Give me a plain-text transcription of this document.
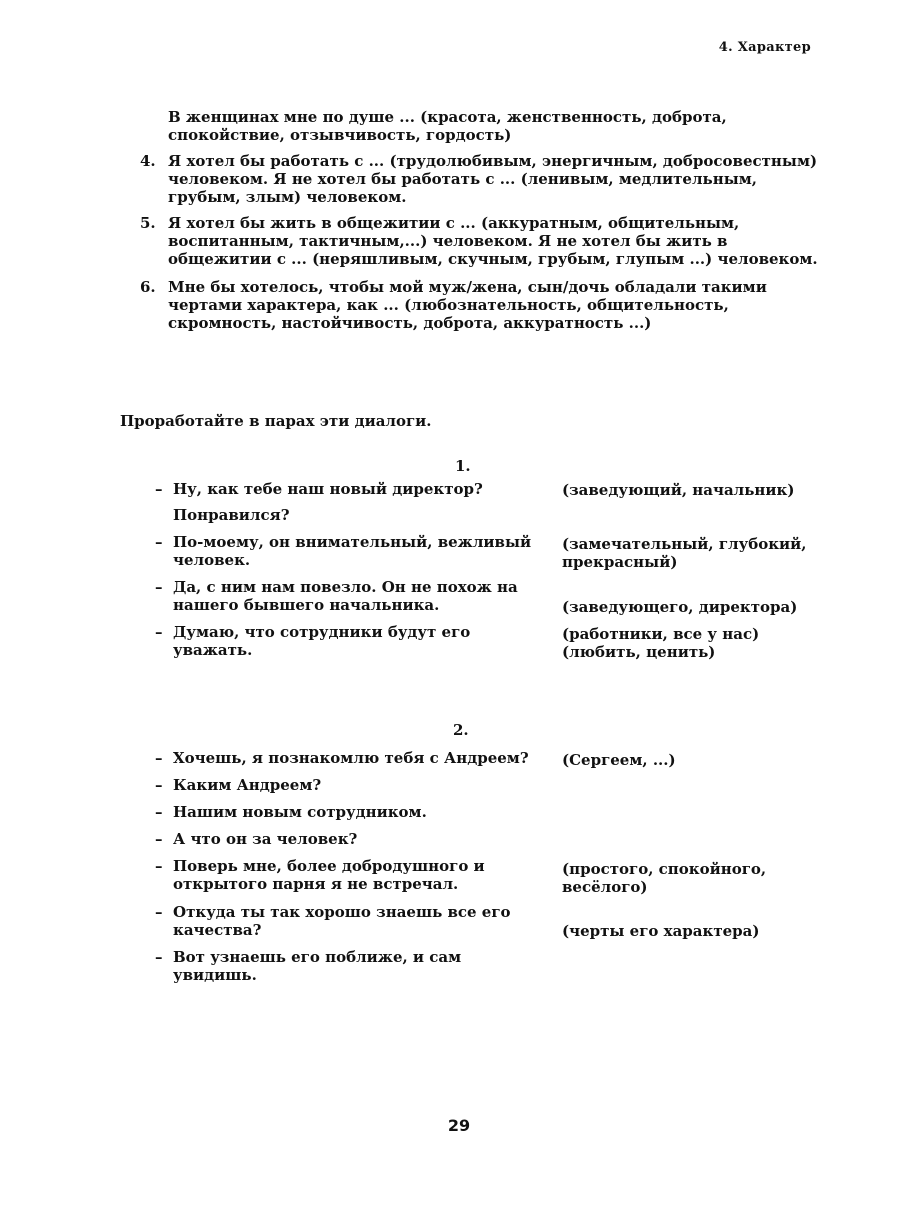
4. Характер
В женщинах мне по душе ... (красота, женственность, доброта, спокойствие, отзывчивость, гордость)
4. Я хотел бы работать с ... (трудолюбивым, энергичным, добросовестным) человеком. Я не хотел бы работать с ... (ленивым, медлительным, грубым, злым) человеком.
5. Я хотел бы жить в общежитии с ... (аккуратным, общительным, воспитанным, тактичным,...) человеком. Я не хотел бы жить в общежитии с ... (неряшливым, скучным, грубым, глупым ...) человеком.
6. Мне бы хотелось, чтобы мой муж/жена, сын/дочь обладали такими чертами характера, как ... (любознательность, общительность, скромность, настойчивость, доброта, аккуратность ...)
Проработайте в парах эти диалоги.
1.
– Ну, как тебе наш новый директор?
Понравился?
– По-моему, он внимательный, вежливый человек.
– Да, с ним нам повезло. Он не похож на нашего бывшего начальника.
– Думаю, что сотрудники будут его уважать.
(заведующий, начальник)
(замечательный, глубокий, прекрасный)
(заведующего, директора)
(работники, все у нас)
(любить, ценить)
2.
– Хочешь, я познакомлю тебя с Андреем?
– Каким Андреем?
– Нашим новым сотрудником.
– А что он за человек?
– Поверь мне, более добродушного и открытого парня я не встречал.
– Откуда ты так хорошо знаешь все его качества?
– Вот узнаешь его поближе, и сам увидишь.
(Сергеем, ...)
(простого, спокойного, весёлого)
(черты его характера)
29
